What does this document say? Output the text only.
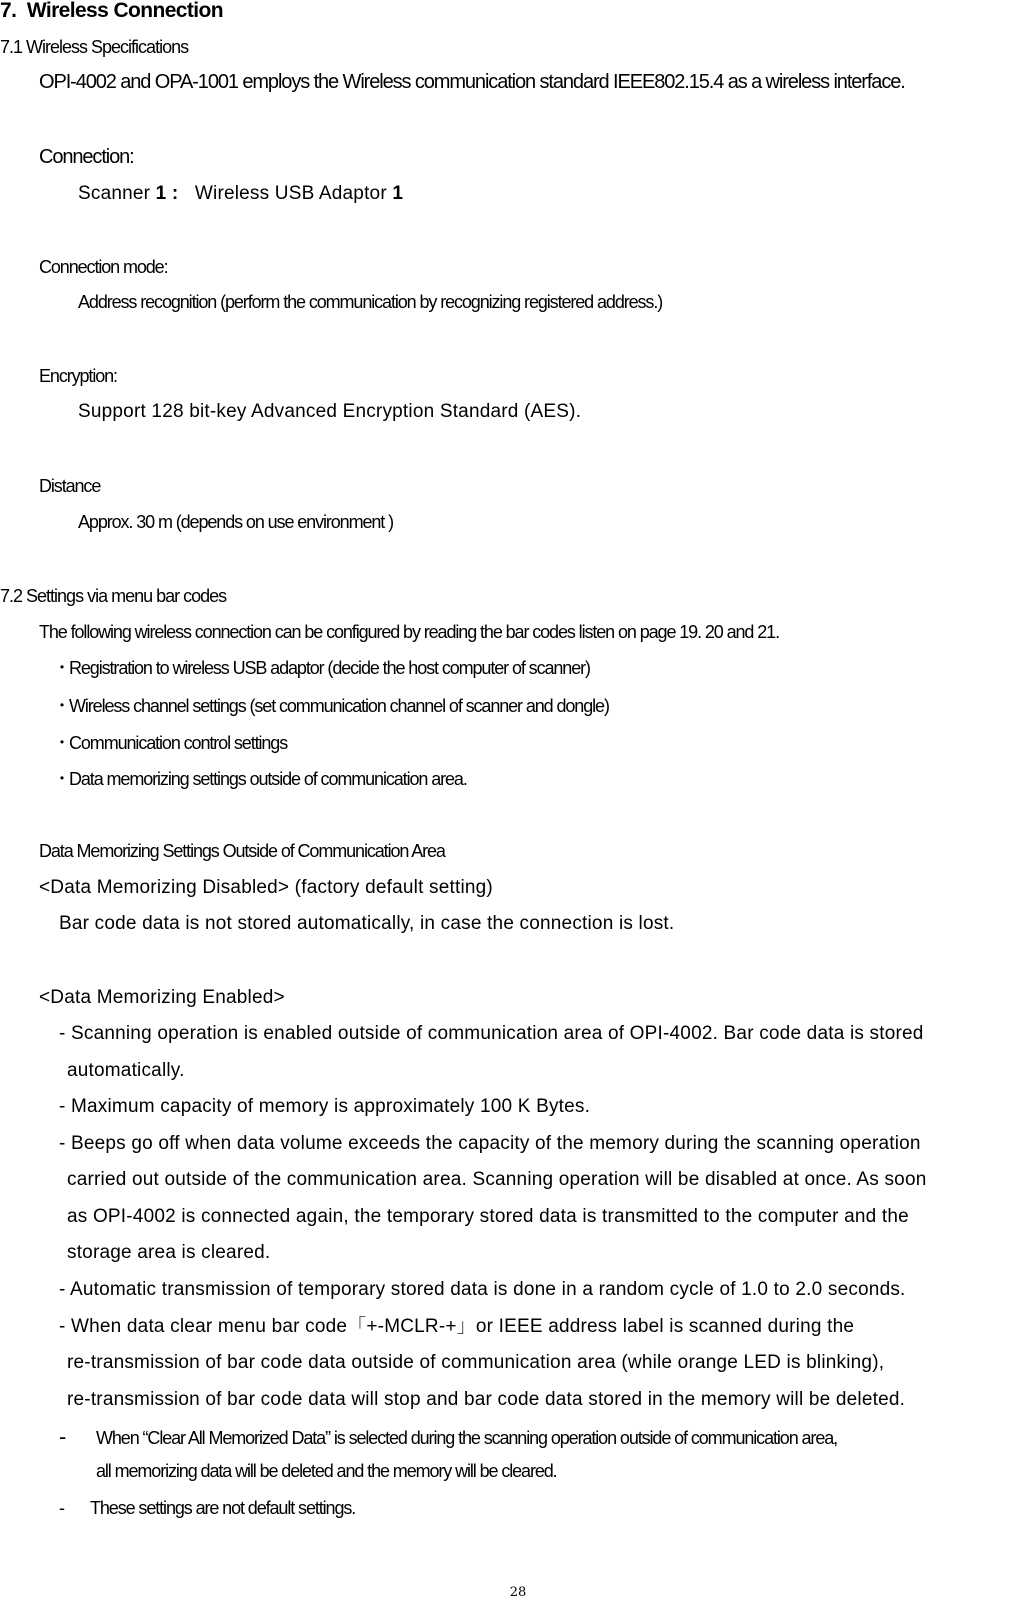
7. Wireless Connection
7.1 Wireless Specifications
OPI-4002 and OPA-1001 employs the Wireless communication standard IEEE802.15.4 as a wireless interface.
Connection:
Scanner 1 : Wireless USB Adaptor 1
Connection mode:
Address recognition (perform the communication by recognizing registered address.)
Encryption:
Support 128 bit-key Advanced Encryption Standard (AES).
Distance
Approx. 30 m (depends on use environment )
7.2 Settings via menu bar codes
The following wireless connection can be configured by reading the bar codes listen on page 19. 20 and 21.
・Registration to wireless USB adaptor (decide the host computer of scanner)
・Wireless channel settings (set communication channel of scanner and dongle)
・Communication control settings
・Data memorizing settings outside of communication area.
Data Memorizing Settings Outside of Communication Area
<Data Memorizing Disabled> (factory default setting)
Bar code data is not stored automatically, in case the connection is lost.
<Data Memorizing Enabled>
- Scanning operation is enabled outside of communication area of OPI-4002. Bar code data is stored
automatically.
- Maximum capacity of memory is approximately 100 K Bytes.
- Beeps go off when data volume exceeds the capacity of the memory during the scanning operation
carried out outside of the communication area. Scanning operation will be disabled at once. As soon
as OPI-4002 is connected again, the temporary stored data is transmitted to the computer and the
storage area is cleared.
- Automatic transmission of temporary stored data is done in a random cycle of 1.0 to 2.0 seconds.
- When data clear menu bar code「+-MCLR-+」or IEEE address label is scanned during the
re-transmission of bar code data outside of communication area (while orange LED is blinking),
re-transmission of bar code data will stop and bar code data stored in the memory will be deleted.
- When “Clear All Memorized Data” is selected during the scanning operation outside of communication area,
all memorizing data will be deleted and the memory will be cleared.
- These settings are not default settings.
28
